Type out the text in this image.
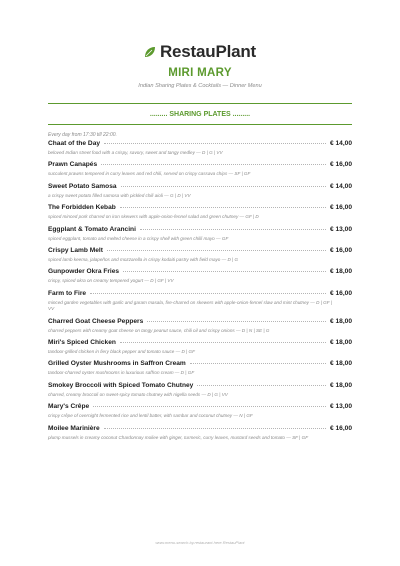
RestauPlant
MIRI MARY
Indian Sharing Plates & Cocktails — Dinner Menu
......... SHARING PLATES .........
Every day from 17:30 till 22:00.
Chaat of the Day	€ 14,00
beloved Indian street food with a crispy, savory, sweet and tangy medley — D | G | VV
Prawn Canapés	€ 16,00
succulent prawns tempered in curry leaves and red chili, served on crispy cassava chips — SF | GF
Sweet Potato Samosa	€ 14,00
a crispy sweet potato filled samosa with pickled chili aioli — G | D | VV
The Forbidden Kebab	€ 16,00
spiced minced pork charred on iron skewers with apple-onion-fennel salad and green chutney — GF | D
Eggplant & Tomato Arancini	€ 13,00
spiced eggplant, tomato and melted cheese in a crispy shell with green chilli mayo — GF
Crispy Lamb Melt	€ 16,00
spiced lamb keema, jalapeños and mozzarella in crispy kodaiti pastry with field mayo — D | G
Gunpowder Okra Fries	€ 18,00
crispy, spiced okra on creamy tempered yogurt — D | GF | VV
Farm to Fire	€ 16,00
minced garden vegetables with garlic and garam masala, fire-charred on skewers with apple-onion-fennel slaw and mint chutney — D | GF | VV
Charred Goat Cheese Peppers	€ 18,00
charred peppers with creamy goat cheese on tangy peanut sauce, chili oil and crispy onions — D | N | SE | G
Miri's Spiced Chicken	€ 18,00
tandoor-grilled chicken in fiery black pepper and tomato sauce — D | GF
Grilled Oyster Mushrooms in Saffron Cream	€ 18,00
tandoor-charred oyster mushrooms in luxurious saffron cream — D | GF
Smokey Broccoli with Spiced Tomato Chutney	€ 18,00
charred, creamy broccoli on sweet-spicy tomato chutney with nigella seeds — D | G | VV
Mary's Crêpe	€ 13,00
crispy crêpe of overnight fermented rice and lentil batter, with sambar and coconut chutney — N | GF
Moilee Marinière	€ 16,00
plump mussels in creamy coconut Chardonnay moilee with ginger, turmeric, curry leaves, mustard seeds and tomato — SF | GF
www.menu-search.by.restaurant.here.RestauPlant
